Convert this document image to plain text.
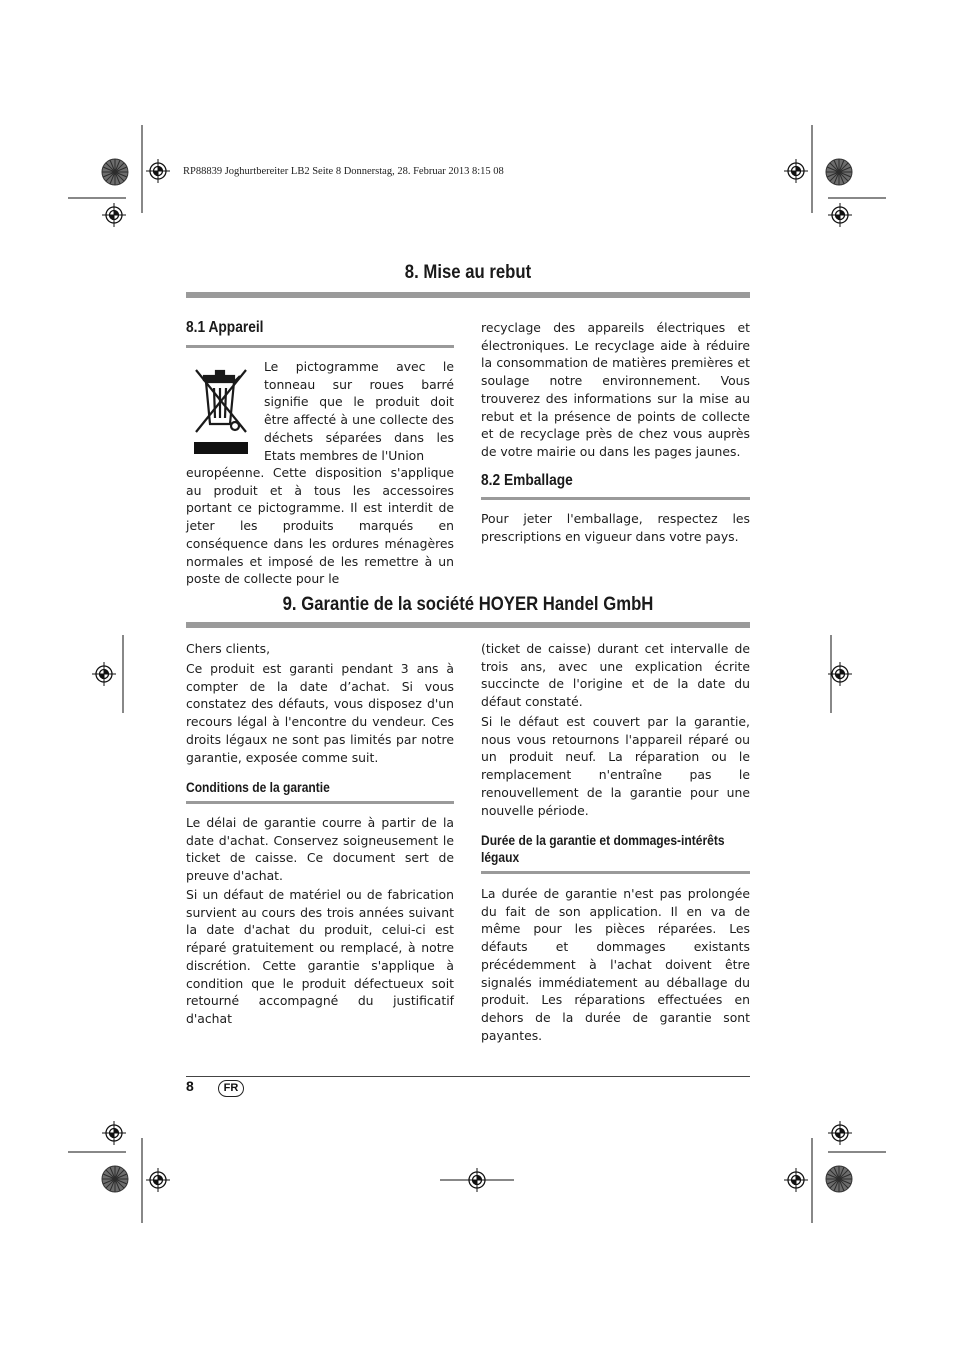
RP88839 Joghurtbereiter LB2 Seite 8 Donnerstag, 28. Februar 2013 8:15 08
8. Mise au rebut
8.1 Appareil
Le pictogramme avec le tonneau sur roues barré signifie que le produit doit être affecté à une collecte des déchets séparées dans les Etats membres de l'Union
européenne. Cette disposition s'applique au produit et à tous les accessoires portant ce pictogramme. Il est interdit de jeter les produits marqués en conséquence dans les ordures ménagères normales et imposé de les remettre à un poste de collecte pour le
recyclage des appareils électriques et électroniques. Le recyclage aide à réduire la consommation de matières premières et soulage notre environnement. Vous trouverez des informations sur la mise au rebut et la présence de points de collecte et de recyclage près de chez vous auprès de votre mairie ou dans les pages jaunes.
8.2 Emballage
Pour jeter l'emballage, respectez les prescriptions en vigueur dans votre pays.
9. Garantie de la société HOYER Handel GmbH
Chers clients,
Ce produit est garanti pendant 3 ans à compter de la date d’achat. Si vous constatez des défauts, vous disposez d'un recours légal à l'encontre du vendeur. Ces droits légaux ne sont pas limités par notre garantie, exposée comme suit.
Conditions de la garantie
Le délai de garantie courre à partir de la date d'achat. Conservez soigneusement le ticket de caisse. Ce document sert de preuve d'achat.
Si un défaut de matériel ou de fabrication survient au cours des trois années suivant la date d'achat du produit, celui-ci est réparé gratuitement ou remplacé, à notre discrétion. Cette garantie s'applique à condition que le produit défectueux soit retourné accompagné du justificatif d'achat
(ticket de caisse) durant cet intervalle de trois ans, avec une explication écrite succincte de l'origine et de la date du défaut constaté.
Si le défaut est couvert par la garantie, nous vous retournons l'appareil réparé ou un produit neuf. La réparation ou le remplacement n'entraîne pas le renouvellement de la garantie pour une nouvelle période.
Durée de la garantie et dommages-intérêts légaux
La durée de garantie n'est pas prolongée du fait de son application. Il en va de même pour les pièces réparées. Les défauts et dommages existants précédemment à l'achat doivent être signalés immédiatement au déballage du produit. Les réparations effectuées en dehors de la durée de garantie sont payantes.
8	FR
